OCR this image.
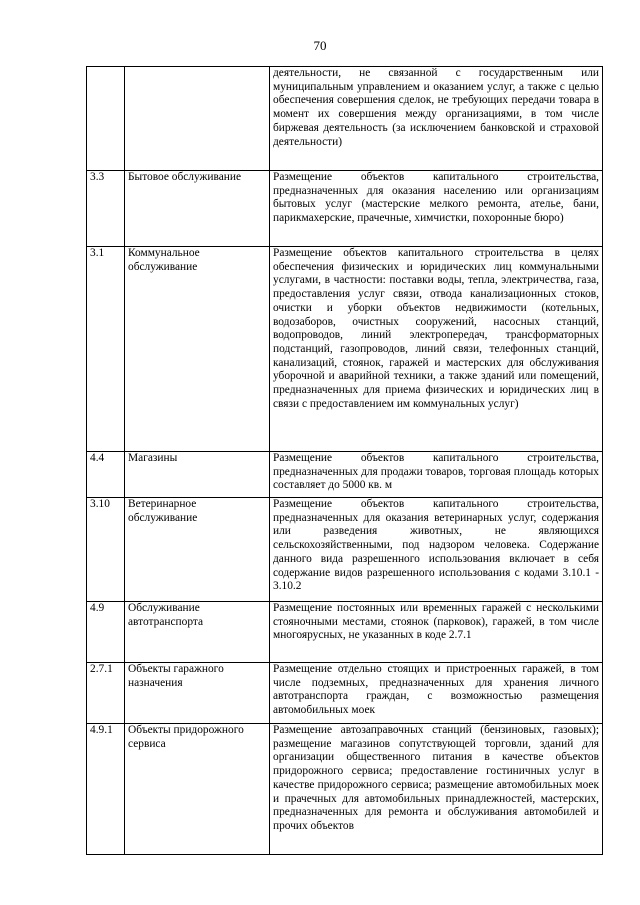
70
		деятельности, не связанной с государственным или муниципальным управлением и оказанием услуг, а также с целью обеспечения совершения сделок, не требующих передачи товара в момент их совершения между организациями, в том числе биржевая деятельность (за исключением банковской и страховой деятельности)
3.3	Бытовое обслуживание	Размещение объектов капитального строительства, предназначенных для оказания населению или организациям бытовых услуг (мастерские мелкого ремонта, ателье, бани, парикмахерские, прачечные, химчистки, похоронные бюро)
3.1	Коммунальное обслуживание	Размещение объектов капитального строительства в целях обеспечения физических и юридических лиц коммунальными услугами, в частности: поставки воды, тепла, электричества, газа, предоставления услуг связи, отвода канализационных стоков, очистки и уборки объектов недвижимости (котельных, водозаборов, очистных сооружений, насосных станций, водопроводов, линий электропередач, трансформаторных подстанций, газопроводов, линий связи, телефонных станций, канализаций, стоянок, гаражей и мастерских для обслуживания уборочной и аварийной техники, а также зданий или помещений, предназначенных для приема физических и юридических лиц в связи с предоставлением им коммунальных услуг)
4.4	Магазины	Размещение объектов капитального строительства, предназначенных для продажи товаров, торговая площадь которых составляет до 5000 кв. м
3.10	Ветеринарное обслуживание	Размещение объектов капитального строительства, предназначенных для оказания ветеринарных услуг, содержания или разведения животных, не являющихся сельскохозяйственными, под надзором человека. Содержание данного вида разрешенного использования включает в себя содержание видов разрешенного использования с кодами 3.10.1 - 3.10.2
4.9	Обслуживание автотранспорта	Размещение постоянных или временных гаражей с несколькими стояночными местами, стоянок (парковок), гаражей, в том числе многоярусных, не указанных в коде 2.7.1
2.7.1	Объекты гаражного назначения	Размещение отдельно стоящих и пристроенных гаражей, в том числе подземных, предназначенных для хранения личного автотранспорта граждан, с возможностью размещения автомобильных моек
4.9.1	Объекты придорожного сервиса	Размещение автозаправочных станций (бензиновых, газовых); размещение магазинов сопутствующей торговли, зданий для организации общественного питания в качестве объектов придорожного сервиса; предоставление гостиничных услуг в качестве придорожного сервиса; размещение автомобильных моек и прачечных для автомобильных принадлежностей, мастерских, предназначенных для ремонта и обслуживания автомобилей и прочих объектов
